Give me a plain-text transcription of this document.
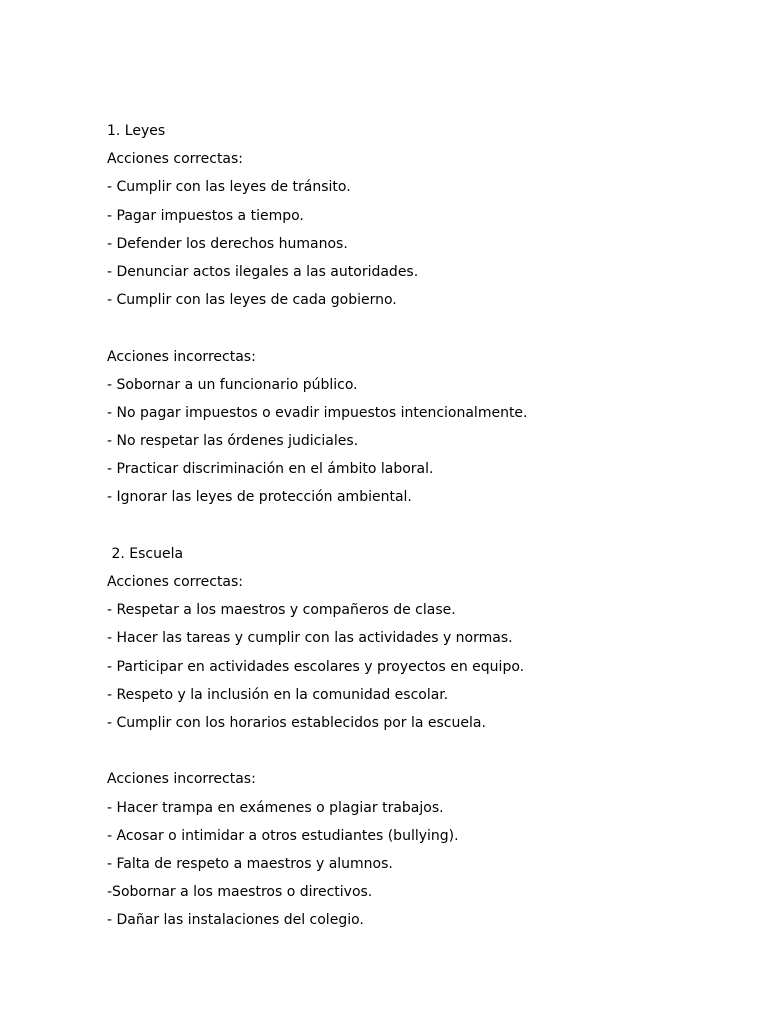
1. Leyes
Acciones correctas:
- Cumplir con las leyes de tránsito.
- Pagar impuestos a tiempo.
- Defender los derechos humanos.
- Denunciar actos ilegales a las autoridades.
- Cumplir con las leyes de cada gobierno.
Acciones incorrectas:
- Sobornar a un funcionario público.
- No pagar impuestos o evadir impuestos intencionalmente.
- No respetar las órdenes judiciales.
- Practicar discriminación en el ámbito laboral.
- Ignorar las leyes de protección ambiental.
2. Escuela
Acciones correctas:
- Respetar a los maestros y compañeros de clase.
- Hacer las tareas y cumplir con las actividades y normas.
- Participar en actividades escolares y proyectos en equipo.
- Respeto y la inclusión en la comunidad escolar.
- Cumplir con los horarios establecidos por la escuela.
Acciones incorrectas:
- Hacer trampa en exámenes o plagiar trabajos.
- Acosar o intimidar a otros estudiantes (bullying).
- Falta de respeto a maestros y alumnos.
-Sobornar a los maestros o directivos.
- Dañar las instalaciones del colegio.
